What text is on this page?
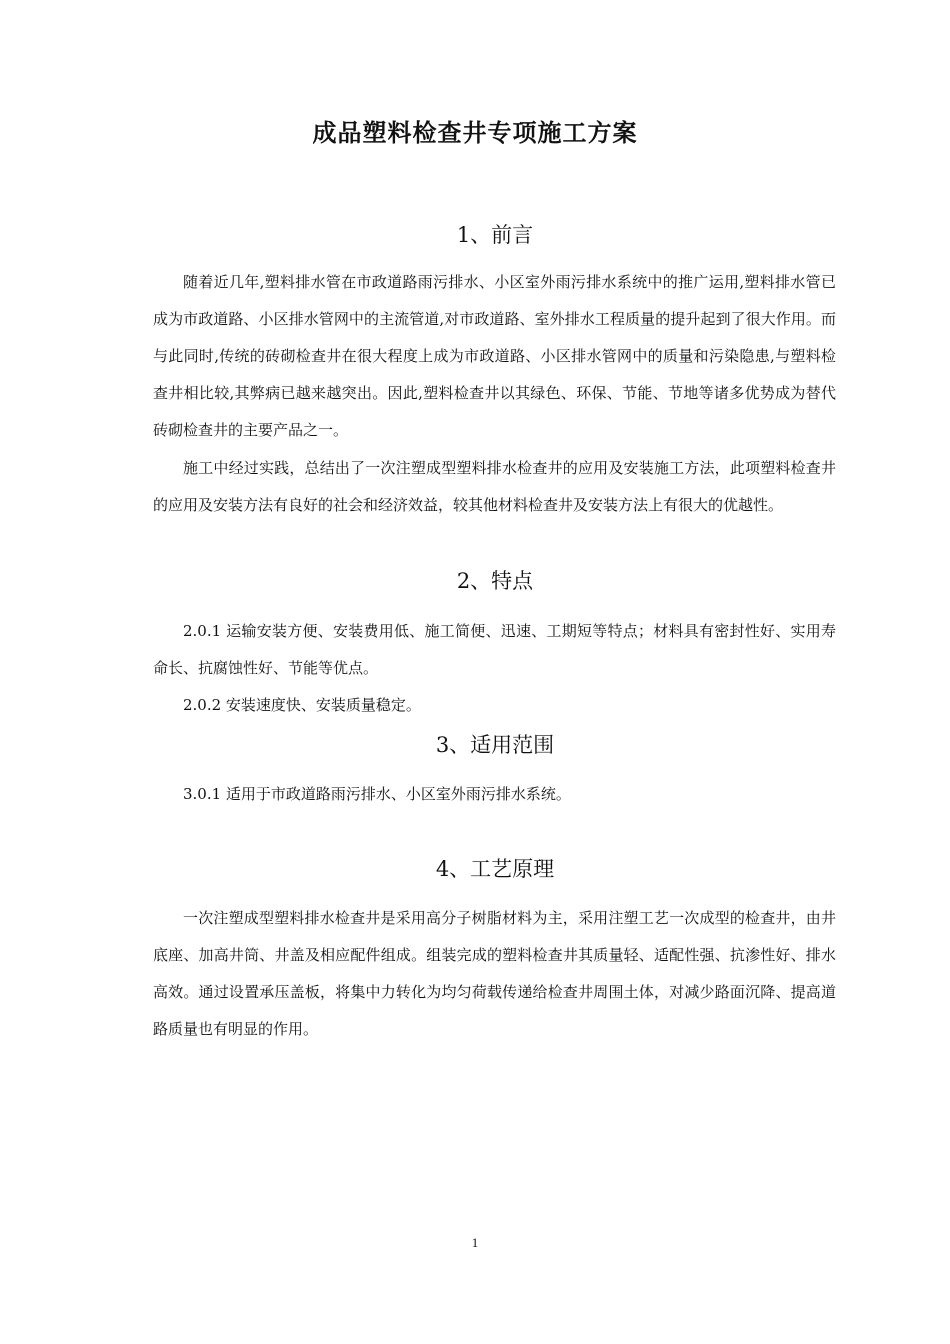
成品塑料检查井专项施工方案
1、前言

随着近几年,塑料排水管在市政道路雨污排水、小区室外雨污排水系统中的推广运用,塑料排水管已成为市政道路、小区排水管网中的主流管道,对市政道路、室外排水工程质量的提升起到了很大作用。而与此同时,传统的砖砌检查井在很大程度上成为市政道路、小区排水管网中的质量和污染隐患,与塑料检查井相比较,其弊病已越来越突出。因此,塑料检查井以其绿色、环保、节能、节地等诸多优势成为替代砖砌检查井的主要产品之一。

施工中经过实践，总结出了一次注塑成型塑料排水检查井的应用及安装施工方法，此项塑料检查井的应用及安装方法有良好的社会和经济效益，较其他材料检查井及安装方法上有很大的优越性。

2、特点

2.0.1 运输安装方便、安装费用低、施工简便、迅速、工期短等特点；材料具有密封性好、实用寿命长、抗腐蚀性好、节能等优点。

2.0.2 安装速度快、安装质量稳定。

3、适用范围

3.0.1 适用于市政道路雨污排水、小区室外雨污排水系统。

4、工艺原理

一次注塑成型塑料排水检查井是采用高分子树脂材料为主，采用注塑工艺一次成型的检查井，由井底座、加高井筒、井盖及相应配件组成。组装完成的塑料检查井其质量轻、适配性强、抗渗性好、排水高效。通过设置承压盖板，将集中力转化为均匀荷载传递给检查井周围土体，对减少路面沉降、提高道路质量也有明显的作用。

1
